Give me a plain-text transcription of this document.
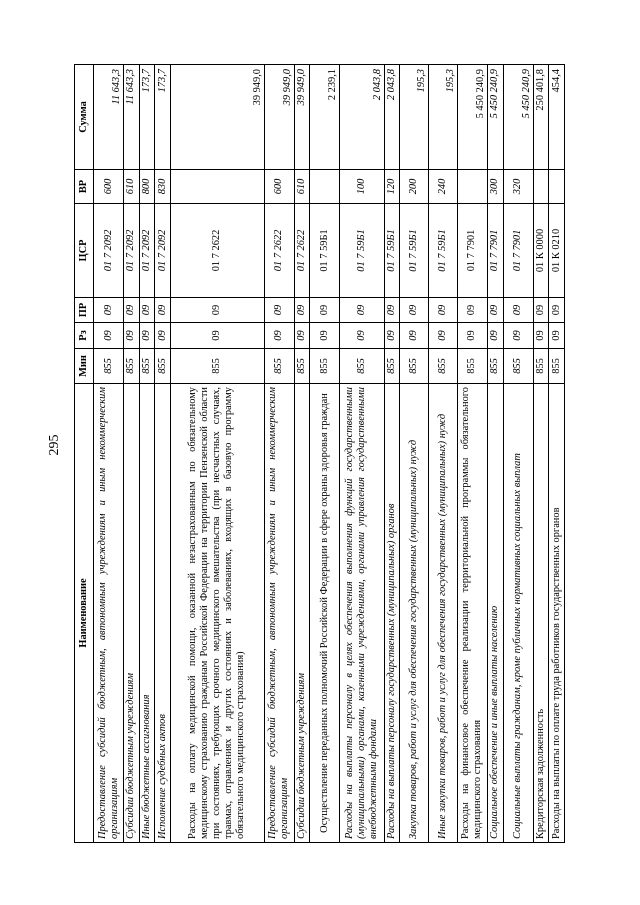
295
Наименование	Мин	Рз	ПР	ЦСР	ВР	Сумма
Предоставление субсидий бюджетным, автономным учреждениям и иным некоммерческим организациям	855	09	09	01 7 2092	600	11 643,3
Субсидии бюджетным учреждениям	855	09	09	01 7 2092	610	11 643,3
Иные бюджетные ассигнования	855	09	09	01 7 2092	800	173,7
Исполнение судебных актов	855	09	09	01 7 2092	830	173,7
Расходы на оплату медицинской помощи, оказанной незастрахованным по обязательному медицинскому страхованию гражданам Российской Федерации на территории Пензенской области при состояниях, требующих срочного медицинского вмешательства (при несчастных случаях, травмах, отравлениях и других состояниях и заболеваниях, входящих в базовую программу обязательного медицинского страхования)	855	09	09	01 7 2622		39 949,0
Предоставление субсидий бюджетным, автономным учреждениям и иным некоммерческим организациям	855	09	09	01 7 2622	600	39 949,0
Субсидии бюджетным учреждениям	855	09	09	01 7 2622	610	39 949,0
Осуществление переданных полномочий Российской Федерации в сфере охраны здоровья граждан	855	09	09	01 7 59Б1		2 239,1
Расходы на выплаты персоналу в целях обеспечения выполнения функций государственными (муниципальными) органами, казенными учреждениями, органами управления государственными внебюджетными фондами	855	09	09	01 7 59Б1	100	2 043,8
Расходы на выплаты персоналу государственных (муниципальных) органов	855	09	09	01 7 59Б1	120	2 043,8
Закупка товаров, работ и услуг для обеспечения государственных (муниципальных) нужд	855	09	09	01 7 59Б1	200	195,3
Иные закупки товаров, работ и услуг для обеспечения государственных (муниципальных) нужд	855	09	09	01 7 59Б1	240	195,3
Расходы на финансовое обеспечение реализации территориальной программы обязательного медицинского страхования	855	09	09	01 7 7901		5 450 240,9
Социальное обеспечение и иные выплаты населению	855	09	09	01 7 7901	300	5 450 240,9
Социальные выплаты гражданам, кроме публичных нормативных социальных выплат	855	09	09	01 7 7901	320	5 450 240,9
Кредиторская задолженность	855	09	09	01 К 0000		250 401,8
Расходы на выплаты по оплате труда работников государственных органов	855	09	09	01 К 0210		454,4
